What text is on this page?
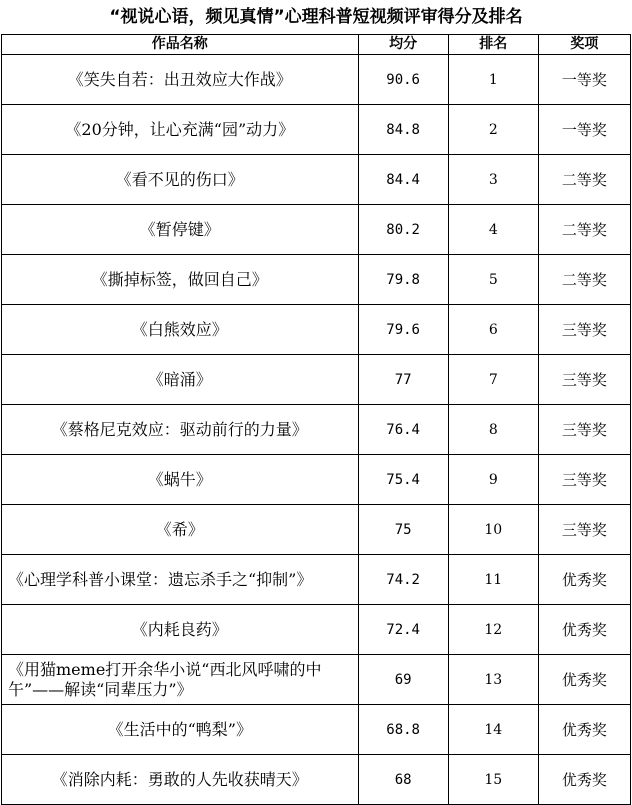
“视说心语，频见真情”心理科普短视频评审得分及排名
作品名称	均分	排名	奖项
《笑失自若：出丑效应大作战》	90.6	1	一等奖
《20分钟，让心充满“园”动力》	84.8	2	一等奖
《看不见的伤口》	84.4	3	二等奖
《暂停键》	80.2	4	二等奖
《撕掉标签，做回自己》	79.8	5	二等奖
《白熊效应》	79.6	6	三等奖
《暗涌》	77	7	三等奖
《蔡格尼克效应：驱动前行的力量》	76.4	8	三等奖
《蜗牛》	75.4	9	三等奖
《希》	75	10	三等奖
《心理学科普小课堂：遗忘杀手之“抑制”》	74.2	11	优秀奖
《内耗良药》	72.4	12	优秀奖
《用猫meme打开余华小说“西北风呼啸的中午”——解读“同辈压力”》	69	13	优秀奖
《生活中的“鸭梨”》	68.8	14	优秀奖
《消除内耗：勇敢的人先收获晴天》	68	15	优秀奖
